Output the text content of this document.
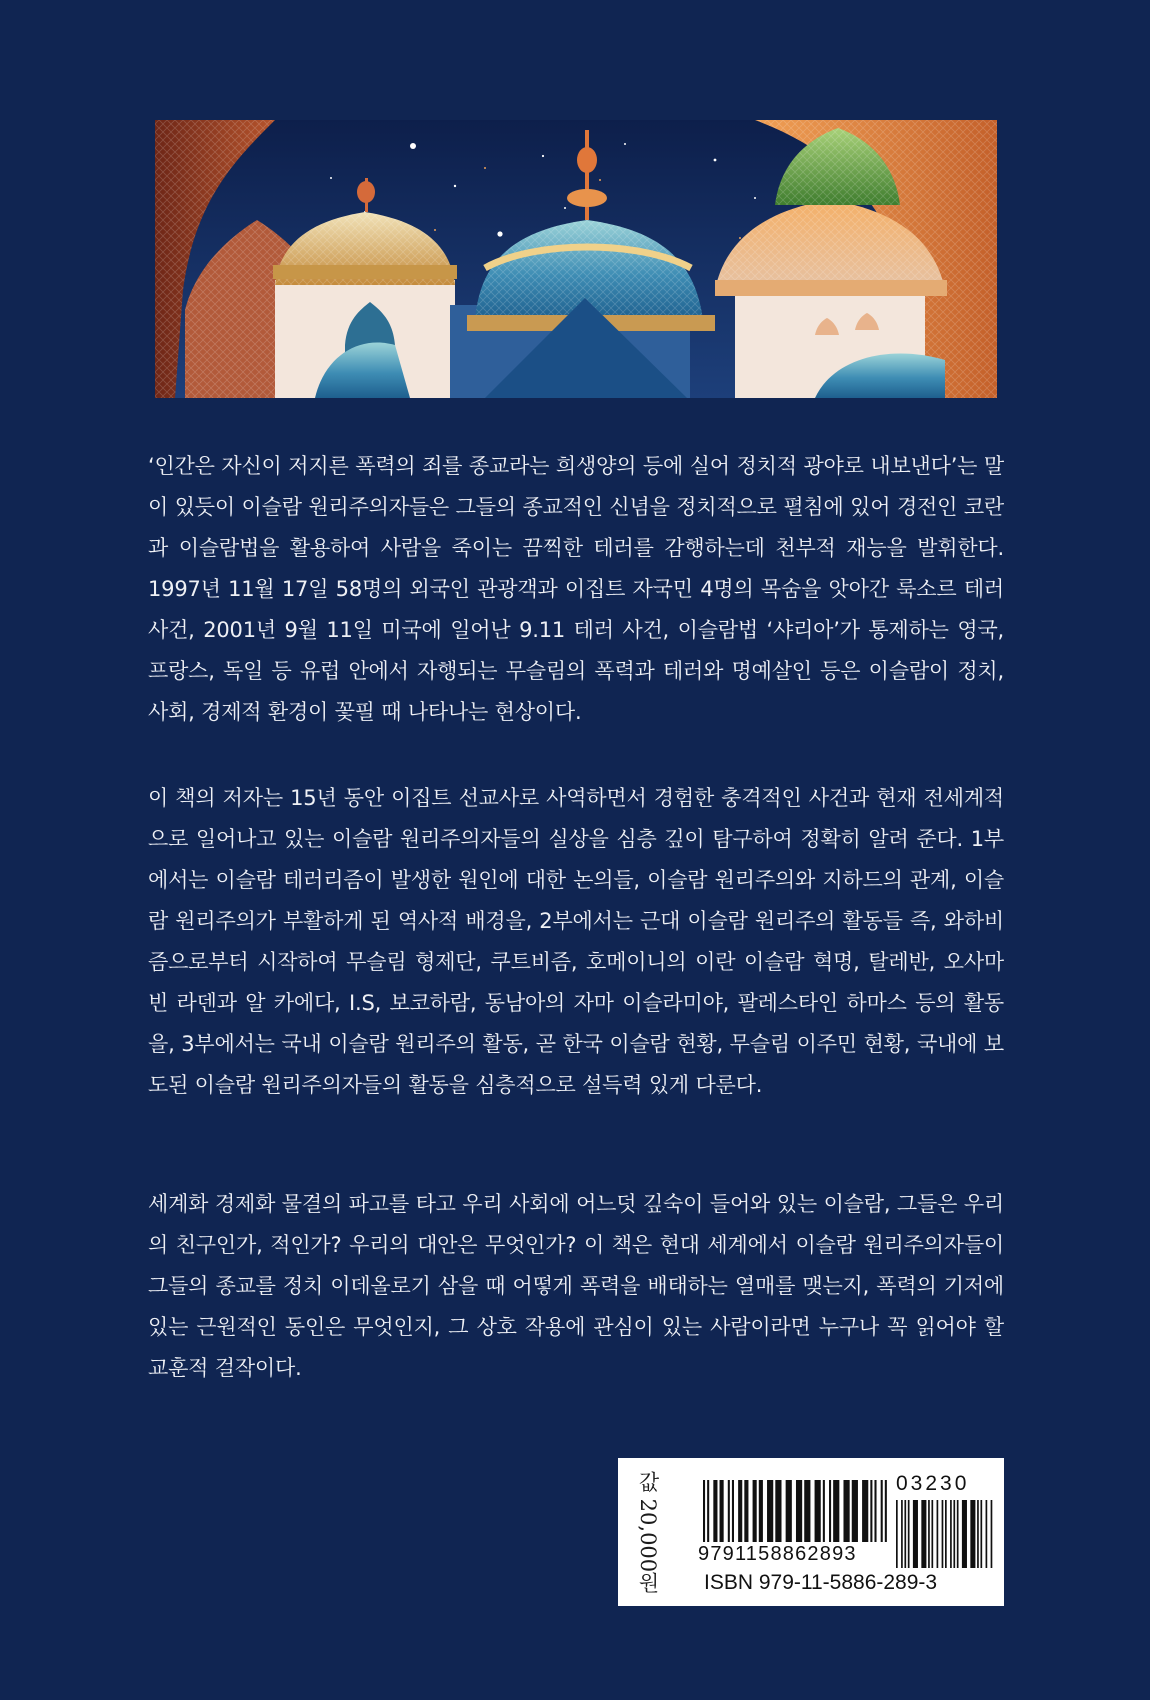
‘인간은 자신이 저지른 폭력의 죄를 종교라는 희생양의 등에 실어 정치적 광야로 내보낸다’는 말이 있듯이 이슬람 원리주의자들은 그들의 종교적인 신념을 정치적으로 펼침에 있어 경전인 코란과 이슬람법을 활용하여 사람을 죽이는 끔찍한 테러를 감행하는데 천부적 재능을 발휘한다. 1997년 11월 17일 58명의 외국인 관광객과 이집트 자국민 4명의 목숨을 앗아간 룩소르 테러 사건, 2001년 9월 11일 미국에 일어난 9.11 테러 사건, 이슬람법 ‘샤리아’가 통제하는 영국, 프랑스, 독일 등 유럽 안에서 자행되는 무슬림의 폭력과 테러와 명예살인 등은 이슬람이 정치, 사회, 경제적 환경이 꽃필 때 나타나는 현상이다.

이 책의 저자는 15년 동안 이집트 선교사로 사역하면서 경험한 충격적인 사건과 현재 전세계적으로 일어나고 있는 이슬람 원리주의자들의 실상을 심층 깊이 탐구하여 정확히 알려 준다. 1부에서는 이슬람 테러리즘이 발생한 원인에 대한 논의들, 이슬람 원리주의와 지하드의 관계, 이슬람 원리주의가 부활하게 된 역사적 배경을, 2부에서는 근대 이슬람 원리주의 활동들 즉, 와하비즘으로부터 시작하여 무슬림 형제단, 쿠트비즘, 호메이니의 이란 이슬람 혁명, 탈레반, 오사마 빈 라덴과 알 카에다, I.S, 보코하람, 동남아의 자마 이슬라미야, 팔레스타인 하마스 등의 활동을, 3부에서는 국내 이슬람 원리주의 활동, 곧 한국 이슬람 현황, 무슬림 이주민 현황, 국내에 보도된 이슬람 원리주의자들의 활동을 심층적으로 설득력 있게 다룬다.

세계화 경제화 물결의 파고를 타고 우리 사회에 어느덧 깊숙이 들어와 있는 이슬람, 그들은 우리의 친구인가, 적인가? 우리의 대안은 무엇인가? 이 책은 현대 세계에서 이슬람 원리주의자들이 그들의 종교를 정치 이데올로기 삼을 때 어떻게 폭력을 배태하는 열매를 맺는지, 폭력의 기저에 있는 근원적인 동인은 무엇인지, 그 상호 작용에 관심이 있는 사람이라면 누구나 꼭 읽어야 할 교훈적 걸작이다.

값 20,000원	03230
9791158862893
ISBN 979-11-5886-289-3
